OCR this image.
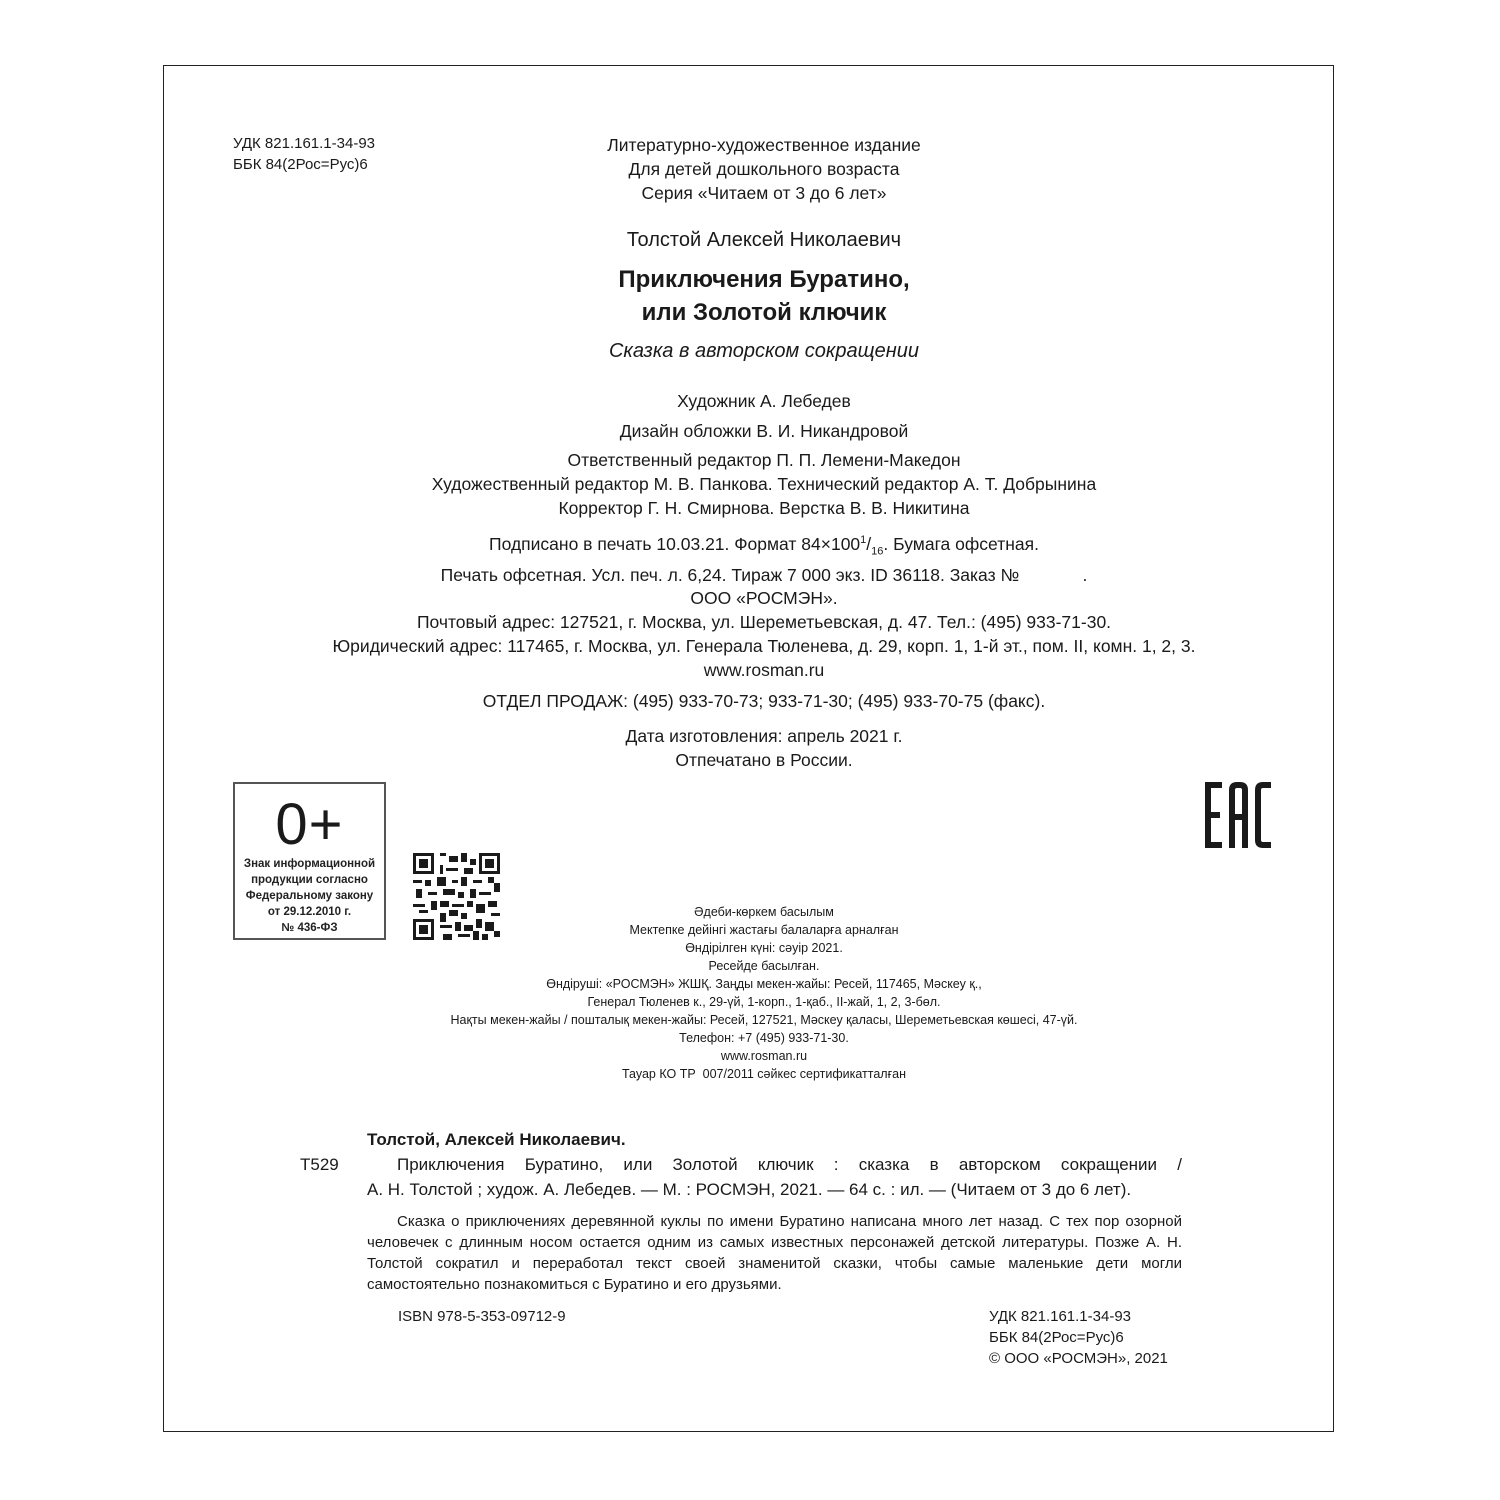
УДК 821.161.1-34-93
ББК 84(2Рос=Рус)6
Литературно-художественное издание
Для детей дошкольного возраста
Серия «Читаем от 3 до 6 лет»
Толстой Алексей Николаевич
Приключения Буратино,
или Золотой ключик
Сказка в авторском сокращении
Художник А. Лебедев
Дизайн обложки В. И. Никандровой
Ответственный редактор П. П. Лемени-Македон
Художественный редактор М. В. Панкова. Технический редактор А. Т. Добрынина
Корректор Г. Н. Смирнова. Верстка В. В. Никитина
Подписано в печать 10.03.21. Формат $84\times 100^1/_{16}$. Бумага офсетная.
Печать офсетная. Усл. печ. л. 6,24. Тираж 7 000 экз. ID 36118. Заказ №             .
ООО «РОСМЭН».
Почтовый адрес: 127521, г. Москва, ул. Шереметьевская, д. 47. Тел.: (495) 933-71-30.
Юридический адрес: 117465, г. Москва, ул. Генерала Тюленева, д. 29, корп. 1, 1-й эт., пом. II, комн. 1, 2, 3.
www.rosman.ru
ОТДЕЛ ПРОДАЖ: (495) 933-70-73; 933-71-30; (495) 933-70-75 (факс).
Дата изготовления: апрель 2021 г.
Отпечатано в России.
0+
Знак информационной
продукции согласно
Федеральному закону
от 29.12.2010 г.
№ 436-ФЗ
Әдеби-көркем басылым
Мектепке дейінгі жастағы балаларға арналған
Өндірілген күні: сәуір 2021.
Ресейде басылған.
Өндіруші: «РОСМЭН» ЖШҚ. Заңды мекен-жайы: Ресей, 117465, Мәскеу қ.,
Генерал Тюленев к., 29-үй, 1-корп., 1-қаб., II-жай, 1, 2, 3-бөл.
Нақты мекен-жайы / пошталық мекен-жайы: Ресей, 127521, Мәскеу қаласы, Шереметьевская көшесі, 47-үй.
Телефон: +7 (495) 933-71-30.
www.rosman.ru
Тауар КО ТР  007/2011 сәйкес сертификатталған
Толстой, Алексей Николаевич.
Т529	Приключения Буратино, или Золотой ключик : сказка в авторском сокращении /
А. Н. Толстой ; худож. А. Лебедев. — М. : РОСМЭН, 2021. — 64 с. : ил. — (Читаем от 3 до 6 лет).
Сказка о приключениях деревянной куклы по имени Буратино написана много лет назад. С тех пор озорной человечек с длинным носом остается одним из самых известных персонажей детской литературы. Позже А. Н. Толстой сократил и переработал текст своей знаменитой сказки, чтобы самые маленькие дети могли самостоятельно познакомиться с Буратино и его друзьями.
ISBN 978-5-353-09712-9	УДК 821.161.1-34-93
ББК 84(2Рос=Рус)6
© ООО «РОСМЭН», 2021
